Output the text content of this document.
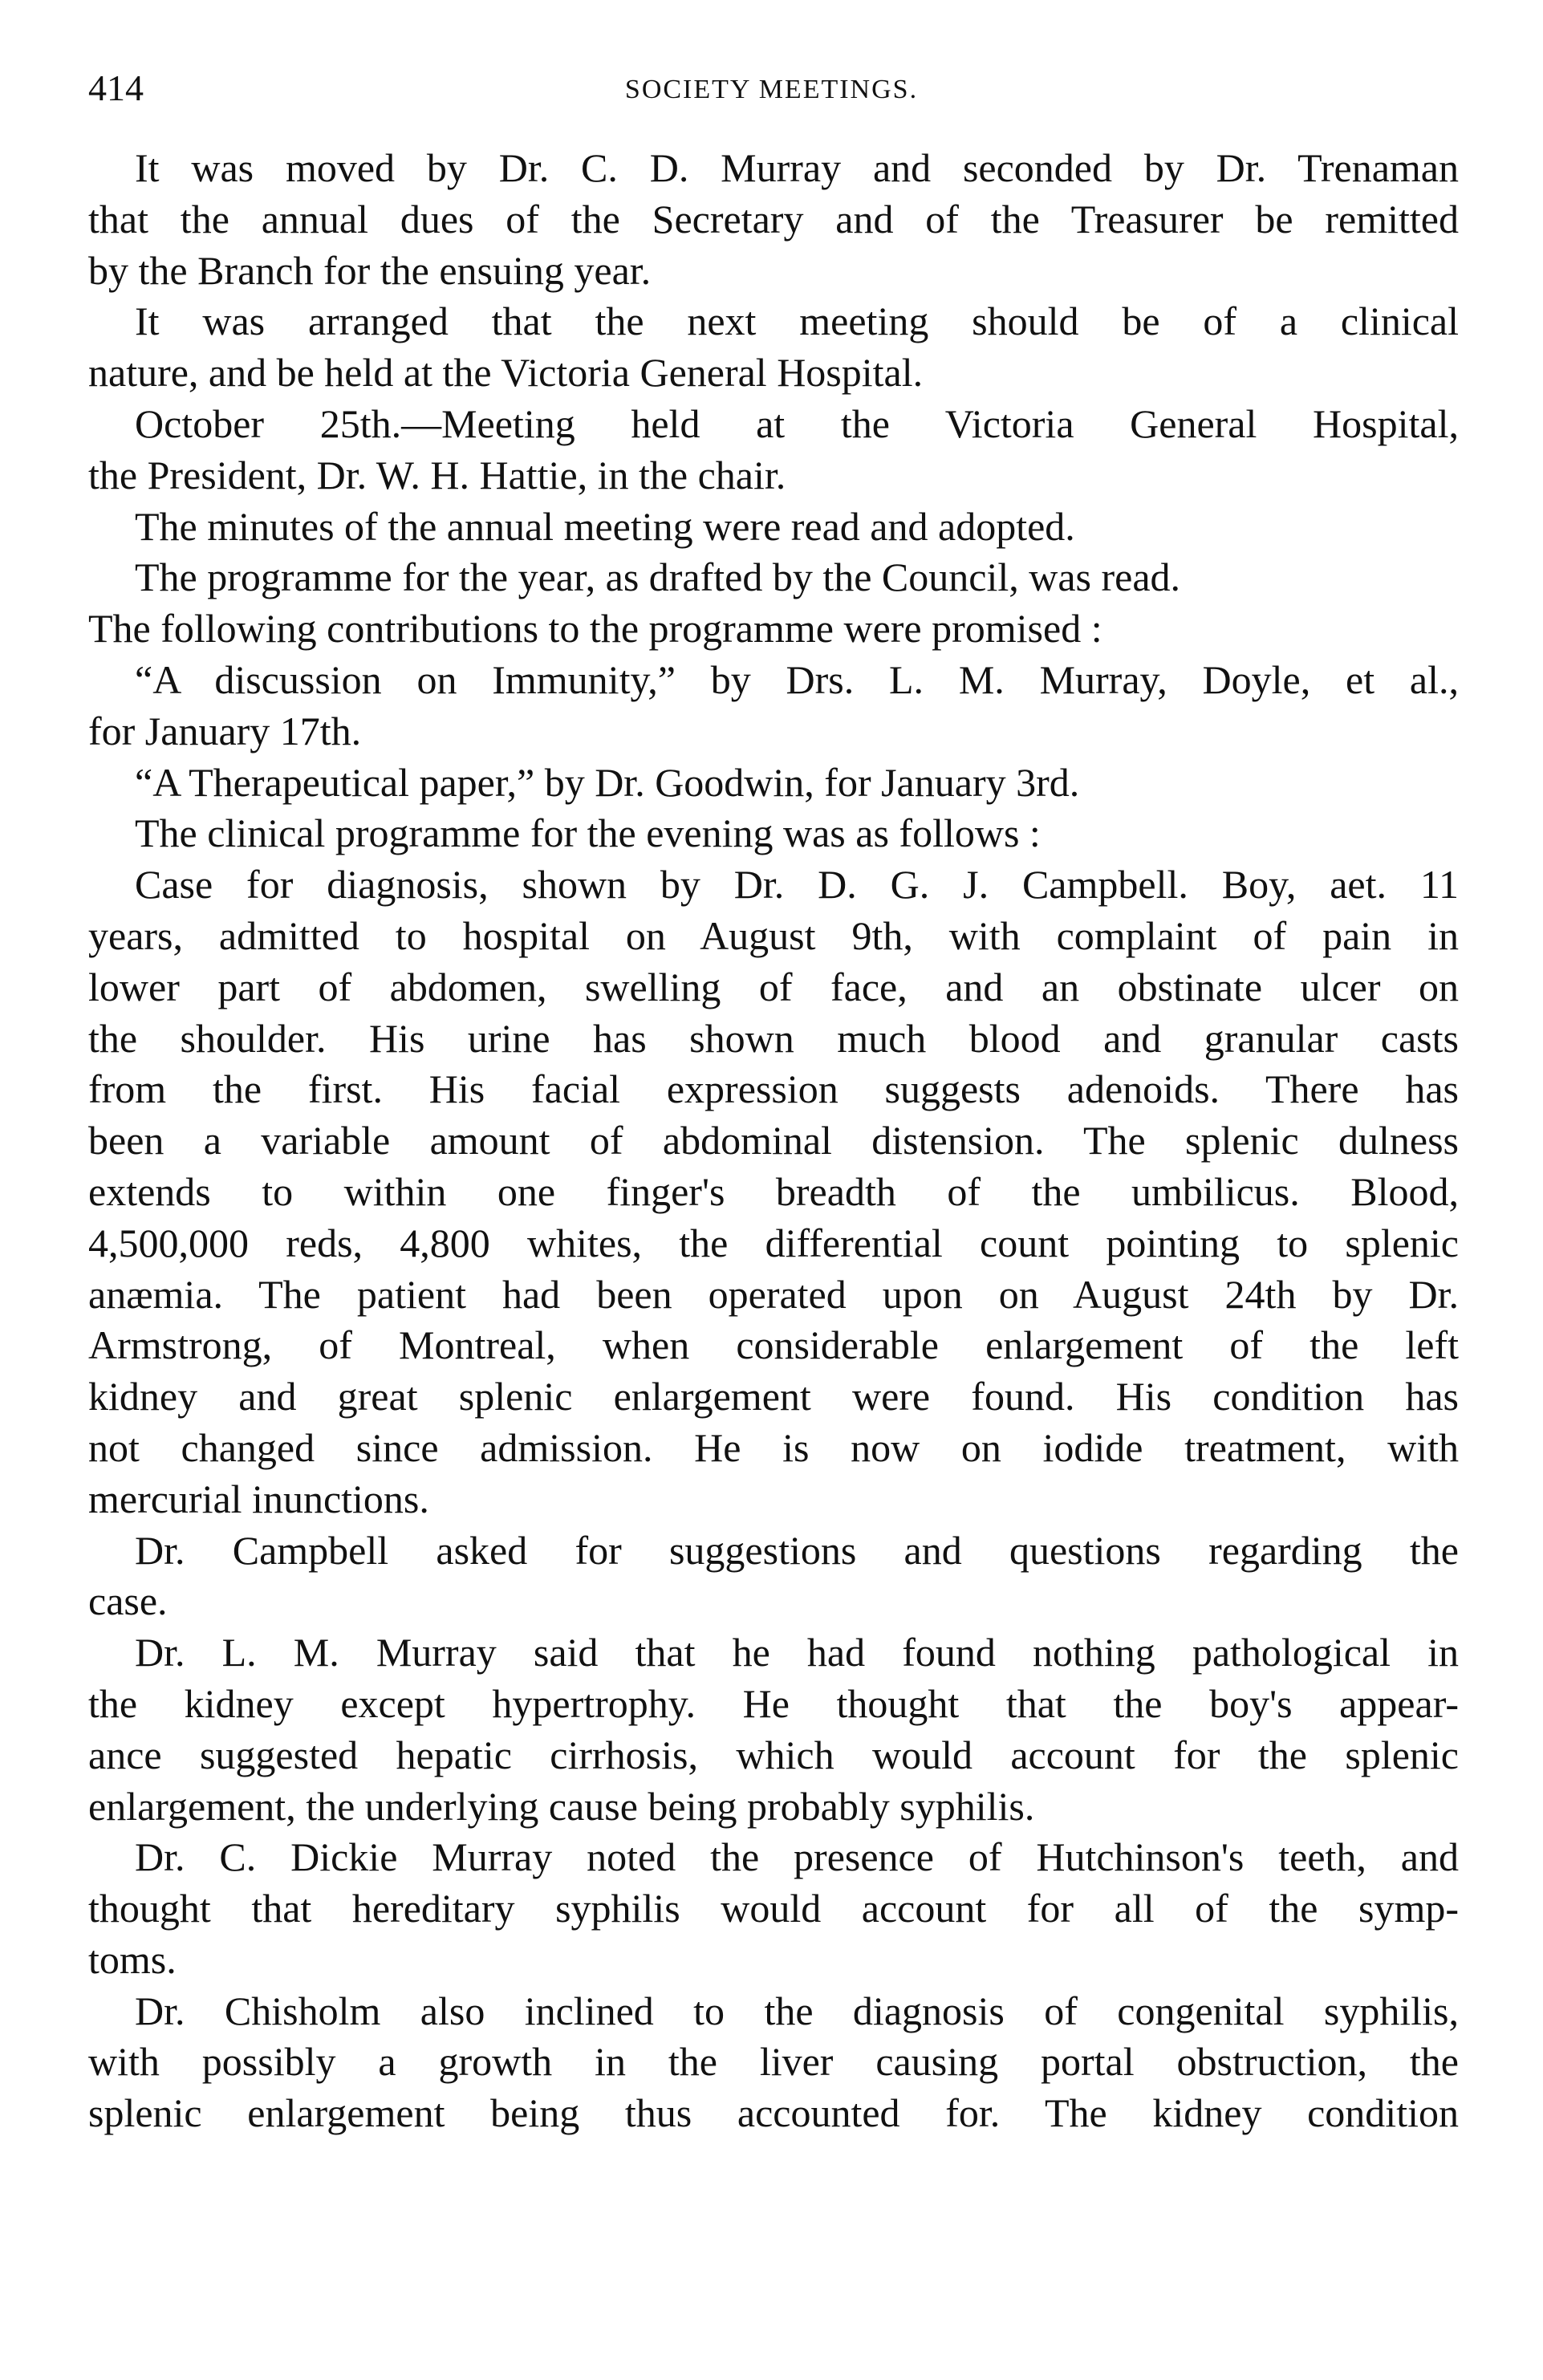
414	SOCIETY MEETINGS.
It was moved by Dr. C. D. Murray and seconded by Dr. Trenaman
that the annual dues of the Secretary and of the Treasurer be remitted
by the Branch for the ensuing year.
It was arranged that the next meeting should be of a clinical
nature, and be held at the Victoria General Hospital.
October 25th.—Meeting held at the Victoria General Hospital,
the President, Dr. W. H. Hattie, in the chair.
The minutes of the annual meeting were read and adopted.
The programme for the year, as drafted by the Council, was read.
The following contributions to the programme were promised :
“A discussion on Immunity,” by Drs. L. M. Murray, Doyle, et al.,
for January 17th.
“A Therapeutical paper,” by Dr. Goodwin, for January 3rd.
The clinical programme for the evening was as follows :
Case for diagnosis, shown by Dr. D. G. J. Campbell. Boy, aet. 11
years, admitted to hospital on August 9th, with complaint of pain in
lower part of abdomen, swelling of face, and an obstinate ulcer on
the shoulder. His urine has shown much blood and granular casts
from the first. His facial expression suggests adenoids. There has
been a variable amount of abdominal distension. The splenic dulness
extends to within one finger's breadth of the umbilicus. Blood,
4,500,000 reds, 4,800 whites, the differential count pointing to splenic
anæmia. The patient had been operated upon on August 24th by Dr.
Armstrong, of Montreal, when considerable enlargement of the left
kidney and great splenic enlargement were found. His condition has
not changed since admission. He is now on iodide treatment, with
mercurial inunctions.
Dr. Campbell asked for suggestions and questions regarding the
case.
Dr. L. M. Murray said that he had found nothing pathological in
the kidney except hypertrophy. He thought that the boy's appear-
ance suggested hepatic cirrhosis, which would account for the splenic
enlargement, the underlying cause being probably syphilis.
Dr. C. Dickie Murray noted the presence of Hutchinson's teeth, and
thought that hereditary syphilis would account for all of the symp-
toms.
Dr. Chisholm also inclined to the diagnosis of congenital syphilis,
with possibly a growth in the liver causing portal obstruction, the
splenic enlargement being thus accounted for. The kidney condition
